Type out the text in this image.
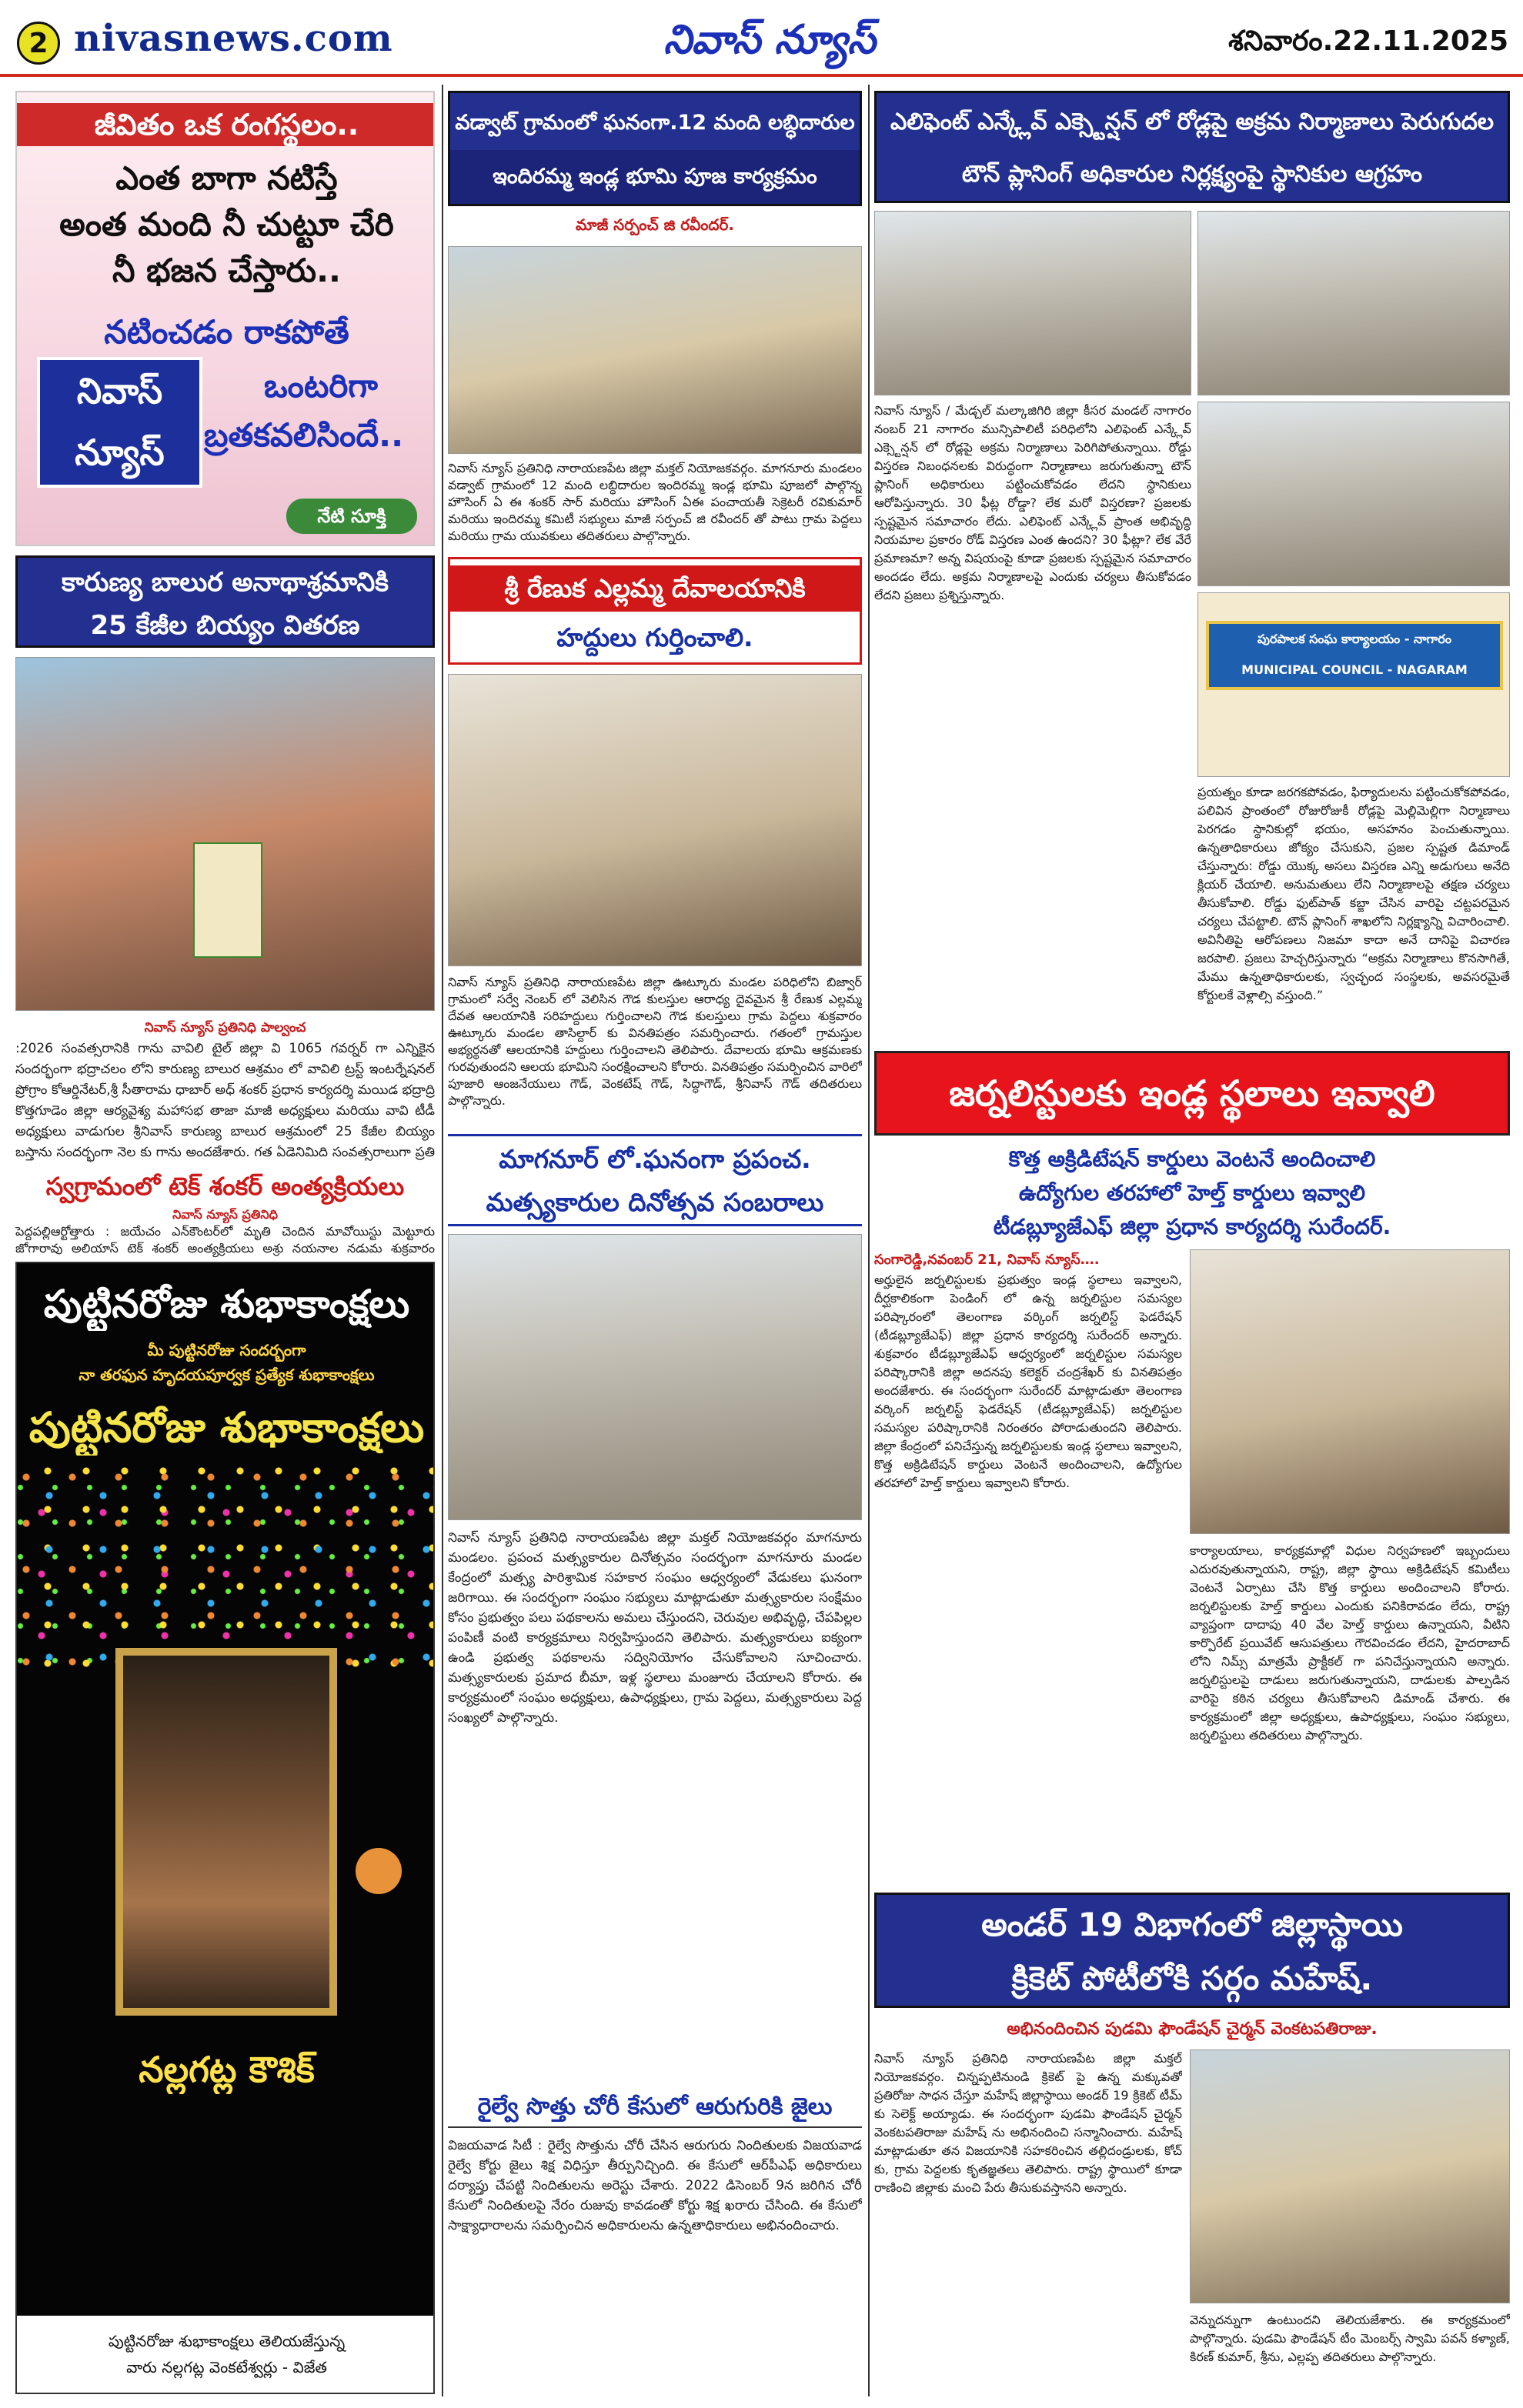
2 nivasnews.com	నివాస్ న్యూస్	శనివారం.22.11.2025
జీవితం ఒక రంగస్థలం..
ఎంత బాగా నటిస్తే
అంత మంది నీ చుట్టూ చేరి
నీ భజన చేస్తారు..
నటించడం రాకపోతే
ఒంటరిగా
బ్రతకవలిసిందే..
నివాస్
న్యూస్
నేటి సూక్తి
కారుణ్య బాలుర అనాథాశ్రమానికి
25 కేజీల బియ్యం వితరణ
నివాస్ న్యూస్ ప్రతినిధి పాల్వంచ
:2026 సంవత్సరానికి గాను వావిలి టైల్ జిల్లా వి 1065 గవర్నర్ గా ఎన్నికైన సందర్భంగా భద్రాచలం లోని కారుణ్య బాలుర ఆశ్రమం లో వావిలి ట్రస్ట్ ఇంటర్నేషనల్ ప్రోగ్రాం కోఆర్డినేటర్,శ్రీ సీతారామ ధాబార్ అధ్ శంకర్ ప్రధాన కార్యదర్శి మయిడ భద్రాద్రి కొత్తగూడెం జిల్లా ఆర్యవైశ్య మహాసభ తాజా మాజీ అధ్యక్షులు మరియు వావి టీడీ అధ్యక్షులు వాడుగుల శ్రీనివాస్ కారుణ్య బాలుర ఆశ్రమంలో 25 కేజీల బియ్యం బస్తాను సందర్భంగా నెల కు గాను అందజేశారు. గత ఏడెనిమిది సంవత్సరాలుగా ప్రతి
స్వగ్రామంలో టెక్ శంకర్ అంత్యక్రియలు
నివాస్ న్యూస్ ప్రతినిధి
పెద్దపల్లిఆర్టోత్తారు : జయేచం ఎన్‌కౌంటర్‌లో మృతి చెందిన మావోయిస్టు మెట్టూరు జోగారావు అలియాస్ టెక్ శంకర్ అంత్యక్రియలు అశ్రు నయనాల నడుమ శుక్రవారం
పుట్టినరోజు శుభాకాంక్షలు
మీ పుట్టినరోజు సందర్భంగా
నా తరఫున హృదయపూర్వక ప్రత్యేక శుభాకాంక్షలు
పుట్టినరోజు శుభాకాంక్షలు
నల్లగట్ల కౌశిక్
పుట్టినరోజు శుభాకాంక్షలు తెలియజేస్తున్న
వారు నల్లగట్ల వెంకటేశ్వర్లు - విజేత
వడ్వాట్ గ్రామంలో ఘనంగా.12 మంది లబ్ధిదారుల
ఇందిరమ్మ ఇండ్ల భూమి పూజ కార్యక్రమం
మాజీ సర్పంచ్ జి రవీందర్.
నివాస్ న్యూస్ ప్రతినిధి నారాయణపేట జిల్లా మక్తల్ నియోజకవర్గం. మాగనూరు మండలం వడ్వాట్ గ్రామంలో 12 మంది లబ్ధిదారుల ఇందిరమ్మ ఇండ్ల భూమి పూజలో పాల్గొన్న హౌసింగ్ ఏ ఈ శంకర్ సార్ మరియు హౌసింగ్ ఏఈ పంచాయతీ సెక్రెటరీ రవికుమార్ మరియు ఇందిరమ్మ కమిటీ సభ్యులు మాజీ సర్పంచ్ జి రవీందర్ తో పాటు గ్రామ పెద్దలు మరియు గ్రామ యువకులు తదితరులు పాల్గొన్నారు.
శ్రీ రేణుక ఎల్లమ్మ దేవాలయానికి
హద్దులు గుర్తించాలి.
నివాస్ న్యూస్ ప్రతినిధి నారాయణపేట జిల్లా ఊట్కూరు మండల పరిధిలోని బిజ్వార్ గ్రామంలో సర్వే నెంబర్ లో వెలిసిన గౌడ కులస్తుల ఆరాధ్య దైవమైన శ్రీ రేణుక ఎల్లమ్మ దేవత ఆలయానికి సరిహద్దులు గుర్తించాలని గౌడ కులస్తులు గ్రామ పెద్దలు శుక్రవారం ఊట్కూరు మండల తాసిల్దార్ కు వినతిపత్రం సమర్పించారు. గతంలో గ్రామస్తుల అభ్యర్థనతో ఆలయానికి హద్దులు గుర్తించాలని తెలిపారు. దేవాలయ భూమి ఆక్రమణకు గురవుతుందని ఆలయ భూమిని సంరక్షించాలని కోరారు. వినతిపత్రం సమర్పించిన వారిలో పూజారి ఆంజనేయులు గౌడ్, వెంకటేష్ గౌడ్, సిద్ధాగౌడ్, శ్రీనివాస్ గౌడ్ తదితరులు పాల్గొన్నారు.
మాగనూర్ లో.ఘనంగా ప్రపంచ.
మత్స్యకారుల దినోత్సవ సంబరాలు
నివాస్ న్యూస్ ప్రతినిధి నారాయణపేట జిల్లా మక్తల్ నియోజకవర్గం మాగనూరు మండలం. ప్రపంచ మత్స్యకారుల దినోత్సవం సందర్భంగా మాగనూరు మండల కేంద్రంలో మత్స్య పారిశ్రామిక సహకార సంఘం ఆధ్వర్యంలో వేడుకలు ఘనంగా జరిగాయి. ఈ సందర్భంగా సంఘం సభ్యులు మాట్లాడుతూ మత్స్యకారుల సంక్షేమం కోసం ప్రభుత్వం పలు పథకాలను అమలు చేస్తుందని, చెరువుల అభివృద్ధి, చేపపిల్లల పంపిణీ వంటి కార్యక్రమాలు నిర్వహిస్తుందని తెలిపారు. మత్స్యకారులు ఐక్యంగా ఉండి ప్రభుత్వ పథకాలను సద్వినియోగం చేసుకోవాలని సూచించారు. మత్స్యకారులకు ప్రమాద బీమా, ఇళ్ల స్థలాలు మంజూరు చేయాలని కోరారు. ఈ కార్యక్రమంలో సంఘం అధ్యక్షులు, ఉపాధ్యక్షులు, గ్రామ పెద్దలు, మత్స్యకారులు పెద్ద సంఖ్యలో పాల్గొన్నారు.
రైల్వే సొత్తు చోరీ కేసులో ఆరుగురికి జైలు
విజయవాడ సిటీ : రైల్వే సొత్తును చోరీ చేసిన ఆరుగురు నిందితులకు విజయవాడ రైల్వే కోర్టు జైలు శిక్ష విధిస్తూ తీర్పునిచ్చింది. ఈ కేసులో ఆర్‌పీఎఫ్ అధికారులు దర్యాప్తు చేపట్టి నిందితులను అరెస్టు చేశారు. 2022 డిసెంబర్ 9న జరిగిన చోరీ కేసులో నిందితులపై నేరం రుజువు కావడంతో కోర్టు శిక్ష ఖరారు చేసింది. ఈ కేసులో సాక్ష్యాధారాలను సమర్పించిన అధికారులను ఉన్నతాధికారులు అభినందించారు.
ఎలిఫెంట్ ఎన్క్లేవ్ ఎక్స్టెన్షన్ లో రోడ్లపై అక్రమ నిర్మాణాలు పెరుగుదల
టౌన్ ప్లానింగ్ అధికారుల నిర్లక్ష్యంపై స్థానికుల ఆగ్రహం
పురపాలక సంఘ కార్యాలయం - నాగారం
MUNICIPAL COUNCIL - NAGARAM
నివాస్ న్యూస్ / మేడ్చల్ మల్కాజిగిరి జిల్లా కీసర మండల్ నాగారం నంబర్ 21 నాగారం మున్సిపాలిటీ పరిధిలోని ఎలిఫెంట్ ఎన్క్లేవ్ ఎక్స్టెన్షన్ లో రోడ్లపై అక్రమ నిర్మాణాలు పెరిగిపోతున్నాయి. రోడ్డు విస్తరణ నిబంధనలకు విరుద్ధంగా నిర్మాణాలు జరుగుతున్నా టౌన్ ప్లానింగ్ అధికారులు పట్టించుకోవడం లేదని స్థానికులు ఆరోపిస్తున్నారు. 30 ఫీట్ల రోడ్డా? లేక మరో విస్తరణా? ప్రజలకు స్పష్టమైన సమాచారం లేదు. ఎలిఫెంట్ ఎన్క్లేవ్ ప్రాంత అభివృద్ధి నియమాల ప్రకారం రోడ్ విస్తరణ ఎంత ఉందని? 30 ఫీట్లా? లేక వేరే ప్రమాణమా? అన్న విషయంపై కూడా ప్రజలకు స్పష్టమైన సమాచారం అందడం లేదు. అక్రమ నిర్మాణాలపై ఎందుకు చర్యలు తీసుకోవడం లేదని ప్రజలు ప్రశ్నిస్తున్నారు.
ప్రయత్నం కూడా జరగకపోవడం, ఫిర్యాదులను పట్టించుకోకపోవడం, పలివిన ప్రాంతంలో రోజురోజుకీ రోడ్లపై మెల్లిమెల్లిగా నిర్మాణాలు పెరగడం స్థానికుల్లో భయం, అసహనం పెంచుతున్నాయి. ఉన్నతాధికారులు జోక్యం చేసుకుని, ప్రజల స్పష్టత డిమాండ్ చేస్తున్నారు: రోడ్డు యొక్క అసలు విస్తరణ ఎన్ని అడుగులు అనేది క్లియర్ చేయాలి. అనుమతులు లేని నిర్మాణాలపై తక్షణ చర్యలు తీసుకోవాలి. రోడ్డు ఫుట్‌పాత్ కబ్జా చేసిన వారిపై చట్టపరమైన చర్యలు చేపట్టాలి. టౌన్ ప్లానింగ్ శాఖలోని నిర్లక్ష్యాన్ని విచారించాలి. అవినీతిపై ఆరోపణలు నిజమా కాదా అనే దానిపై విచారణ జరపాలి. ప్రజలు హెచ్చరిస్తున్నారు “అక్రమ నిర్మాణాలు కొనసాగితే, మేము ఉన్నతాధికారులకు, స్వచ్ఛంద సంస్థలకు, అవసరమైతే కోర్టులకే వెళ్లాల్సి వస్తుంది.”
జర్నలిస్టులకు ఇండ్ల స్థలాలు ఇవ్వాలి
కొత్త అక్రిడిటేషన్ కార్డులు వెంటనే అందించాలి
ఉద్యోగుల తరహాలో హెల్త్ కార్డులు ఇవ్వాలి
టీడబ్ల్యూజేఎఫ్ జిల్లా ప్రధాన కార్యదర్శి సురేందర్.
సంగారెడ్డి,నవంబర్ 21, నివాస్ న్యూస్….
అర్హులైన జర్నలిస్టులకు ప్రభుత్వం ఇండ్ల స్థలాలు ఇవ్వాలని, దీర్ఘకాలికంగా పెండింగ్ లో ఉన్న జర్నలిస్టుల సమస్యల పరిష్కారంలో తెలంగాణ వర్కింగ్ జర్నలిస్ట్ ఫెడరేషన్ (టీడబ్ల్యూజేఎఫ్) జిల్లా ప్రధాన కార్యదర్శి సురేందర్ అన్నారు. శుక్రవారం టీడబ్ల్యూజేఎఫ్ ఆధ్వర్యంలో జర్నలిస్టుల సమస్యల పరిష్కారానికి జిల్లా అదనపు కలెక్టర్ చంద్రశేఖర్ కు వినతిపత్రం అందజేశారు. ఈ సందర్భంగా సురేందర్ మాట్లాడుతూ తెలంగాణ వర్కింగ్ జర్నలిస్ట్ ఫెడరేషన్ (టీడబ్ల్యూజేఎఫ్) జర్నలిస్టుల సమస్యల పరిష్కారానికి నిరంతరం పోరాడుతుందని తెలిపారు. జిల్లా కేంద్రంలో పనిచేస్తున్న జర్నలిస్టులకు ఇండ్ల స్థలాలు ఇవ్వాలని, కొత్త అక్రిడిటేషన్ కార్డులు వెంటనే అందించాలని, ఉద్యోగుల తరహాలో హెల్త్ కార్డులు ఇవ్వాలని కోరారు.
కార్యాలయాలు, కార్యక్రమాల్లో విధుల నిర్వహణలో ఇబ్బందులు ఎదురవుతున్నాయని, రాష్ట్ర, జిల్లా స్థాయి అక్రిడిటేషన్ కమిటీలు వెంటనే ఏర్పాటు చేసి కొత్త కార్డులు అందించాలని కోరారు. జర్నలిస్టులకు హెల్త్ కార్డులు ఎందుకు పనికిరావడం లేదు, రాష్ట్ర వ్యాప్తంగా దాదాపు 40 వేల హెల్త్ కార్డులు ఉన్నాయని, వీటిని కార్పొరేట్ ప్రయివేట్ ఆసుపత్రులు గౌరవించడం లేదని, హైదరాబాద్ లోని నిమ్స్ మాత్రమే ప్రాక్టీకల్ గా పనిచేస్తున్నాయని అన్నారు. జర్నలిస్టులపై దాడులు జరుగుతున్నాయని, దాడులకు పాల్పడిన వారిపై కఠిన చర్యలు తీసుకోవాలని డిమాండ్ చేశారు. ఈ కార్యక్రమంలో జిల్లా అధ్యక్షులు, ఉపాధ్యక్షులు, సంఘం సభ్యులు, జర్నలిస్టులు తదితరులు పాల్గొన్నారు.
అండర్ 19 విభాగంలో జిల్లాస్థాయి
క్రికెట్ పోటీలోకి సర్గం మహేష్.
అభినందించిన పుడమి ఫౌండేషన్ చైర్మన్ వెంకటపతిరాజు.
నివాస్ న్యూస్ ప్రతినిధి నారాయణపేట జిల్లా మక్తల్ నియోజకవర్గం. చిన్నప్పటినుండి క్రికెట్ పై ఉన్న మక్కువతో ప్రతిరోజు సాధన చేస్తూ మహేష్ జిల్లాస్థాయి అండర్ 19 క్రికెట్ టీమ్ కు సెలెక్ట్ అయ్యాడు. ఈ సందర్భంగా పుడమి ఫౌండేషన్ చైర్మన్ వెంకటపతిరాజు మహేష్ ను అభినందించి సన్మానించారు. మహేష్ మాట్లాడుతూ తన విజయానికి సహకరించిన తల్లిదండ్రులకు, కోచ్ కు, గ్రామ పెద్దలకు కృతజ్ఞతలు తెలిపారు. రాష్ట్ర స్థాయిలో కూడా రాణించి జిల్లాకు మంచి పేరు తీసుకువస్తానని అన్నారు.
వెన్నుదన్నుగా ఉంటుందని తెలియజేశారు. ఈ కార్యక్రమంలో పాల్గొన్నారు. పుడమి ఫౌండేషన్ టీం మెంబర్స్ స్వామి పవన్ కళ్యాణ్, కిరణ్ కుమార్, శ్రీను, ఎల్లప్ప తదితరులు పాల్గొన్నారు.
